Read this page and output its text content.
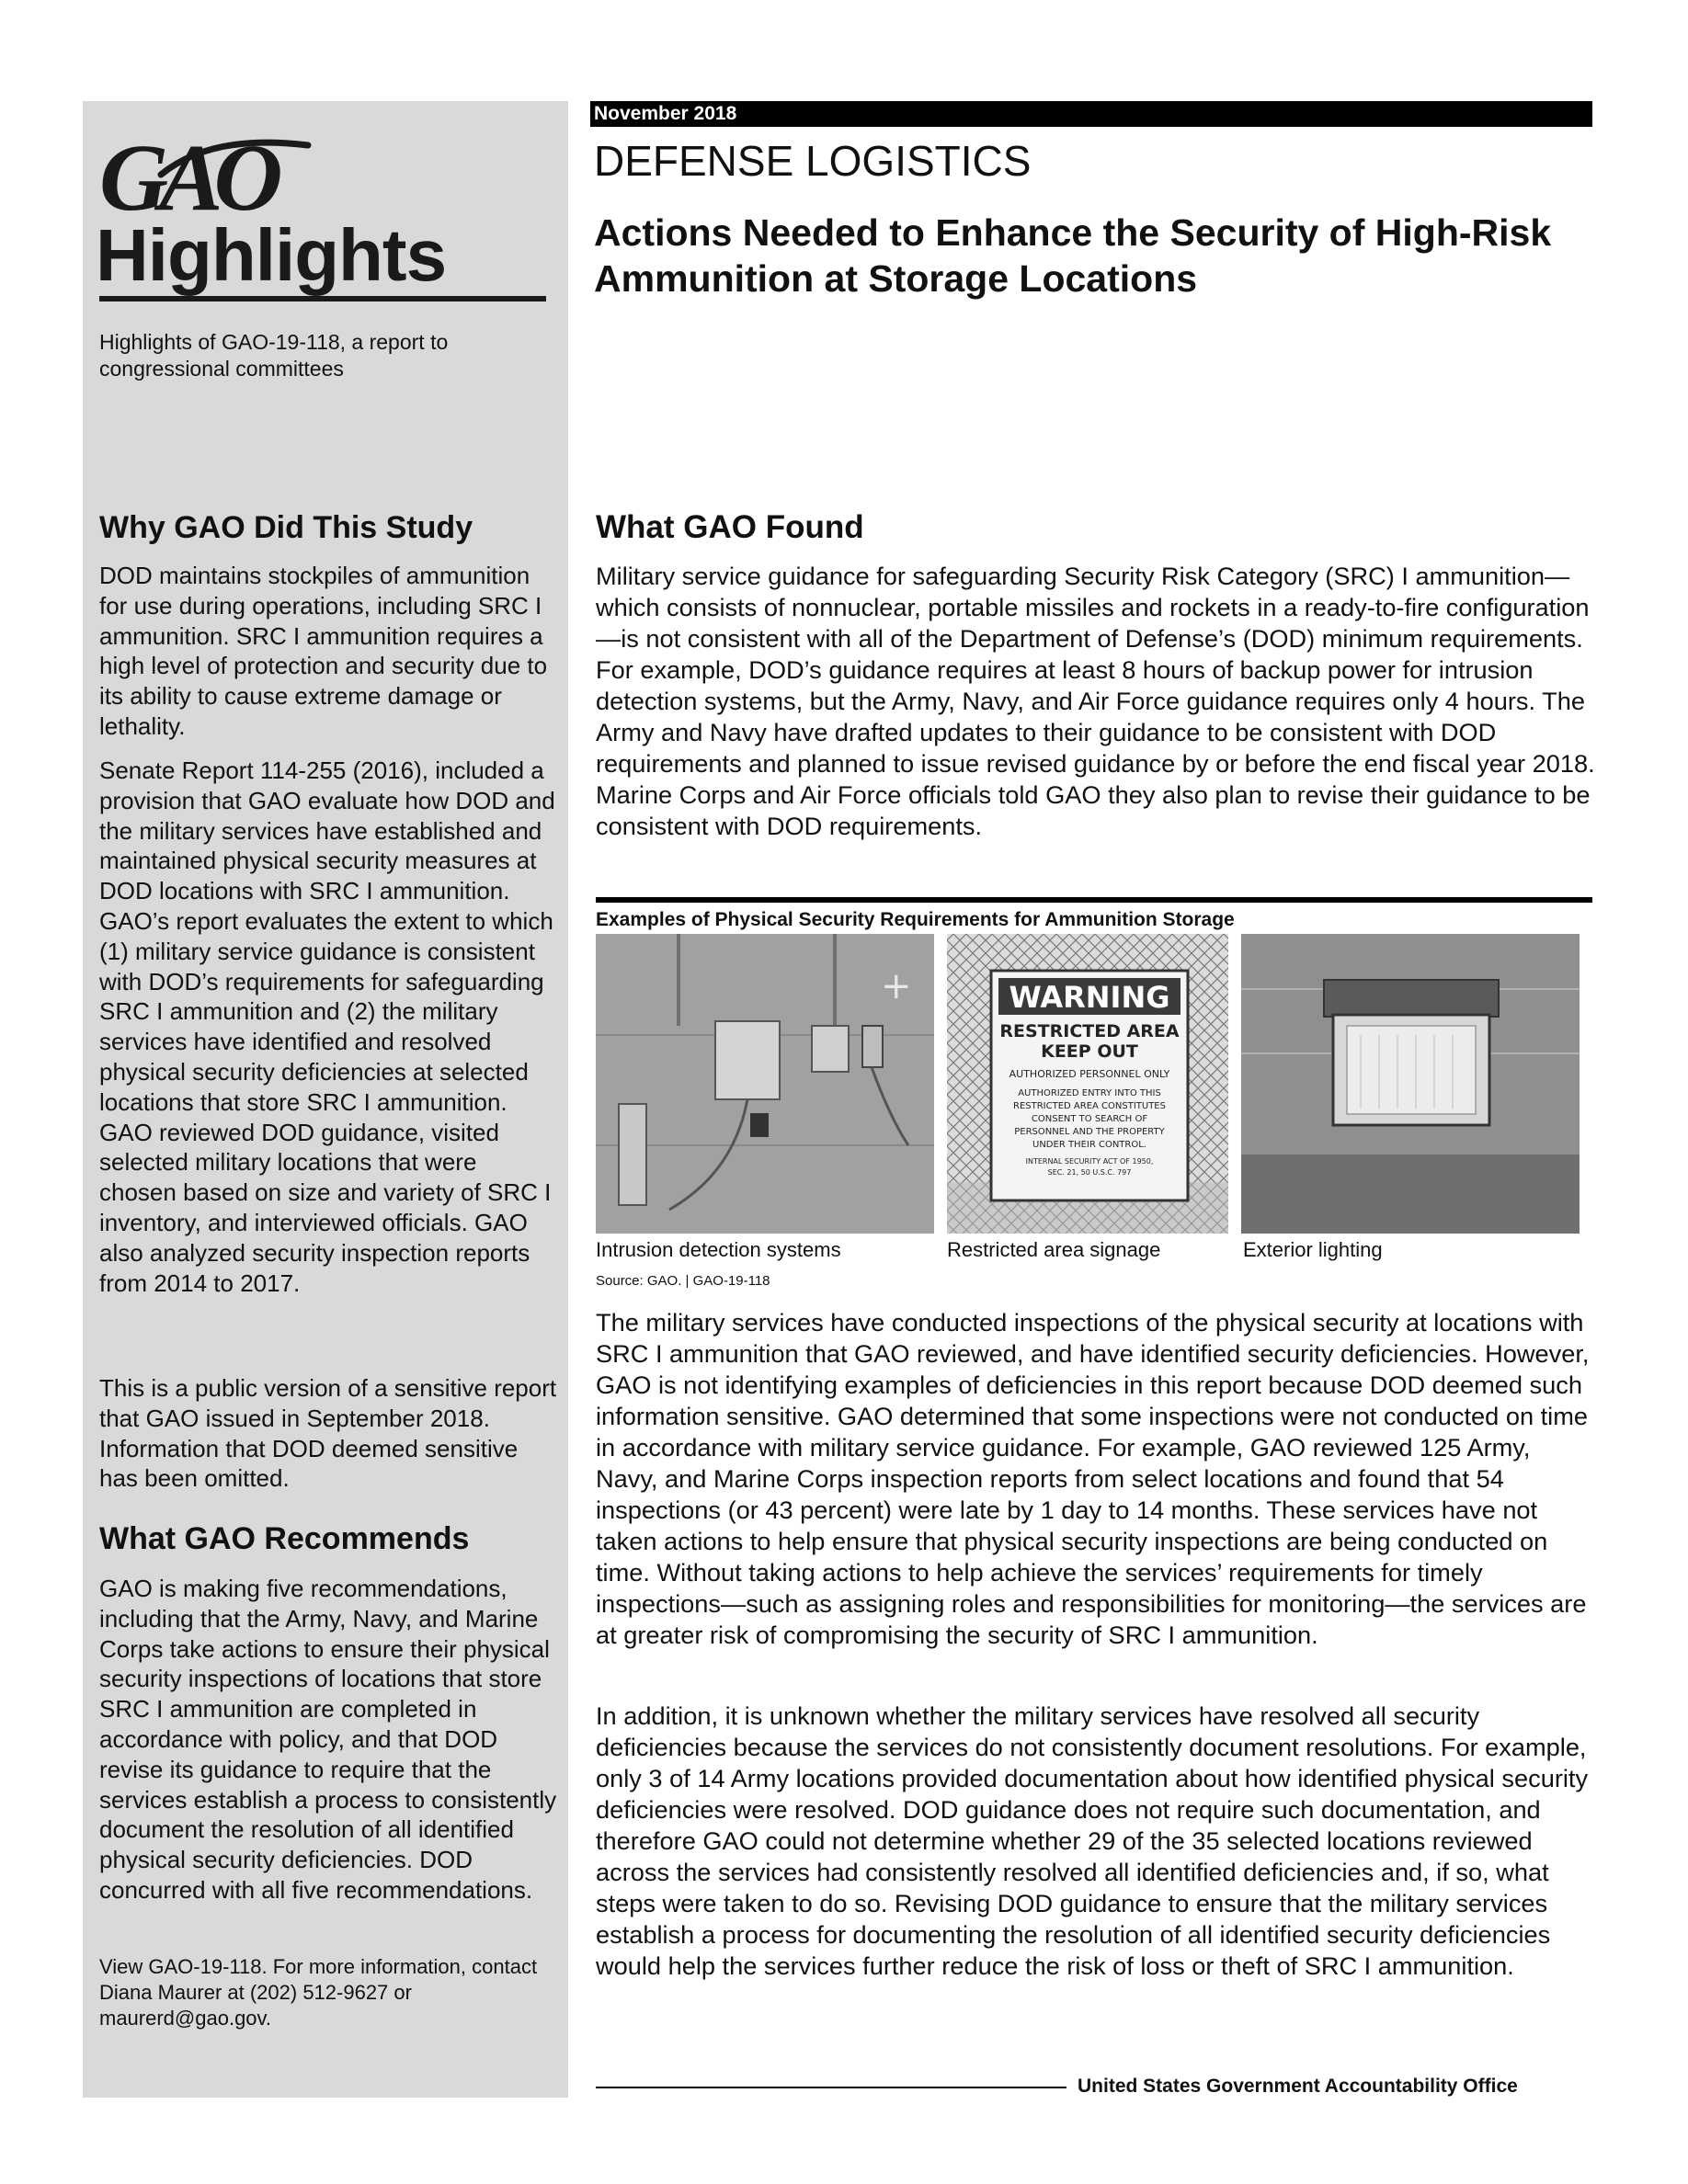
GAO
Highlights
Highlights of GAO-19-118, a report to congressional committees
Why GAO Did This Study
DOD maintains stockpiles of ammunition for use during operations, including SRC I ammunition. SRC I ammunition requires a high level of protection and security due to its ability to cause extreme damage or lethality.
Senate Report 114-255 (2016), included a provision that GAO evaluate how DOD and the military services have established and maintained physical security measures at DOD locations with SRC I ammunition. GAO’s report evaluates the extent to which (1) military service guidance is consistent with DOD’s requirements for safeguarding SRC I ammunition and (2) the military services have identified and resolved physical security deficiencies at selected locations that store SRC I ammunition. GAO reviewed DOD guidance, visited selected military locations that were chosen based on size and variety of SRC I inventory, and interviewed officials. GAO also analyzed security inspection reports from 2014 to 2017.
This is a public version of a sensitive report that GAO issued in September 2018. Information that DOD deemed sensitive has been omitted.
What GAO Recommends
GAO is making five recommendations, including that the Army, Navy, and Marine Corps take actions to ensure their physical security inspections of locations that store SRC I ammunition are completed in accordance with policy, and that DOD revise its guidance to require that the services establish a process to consistently document the resolution of all identified physical security deficiencies. DOD concurred with all five recommendations.
View GAO-19-118. For more information, contact Diana Maurer at (202) 512-9627 or maurerd@gao.gov.
November 2018
DEFENSE LOGISTICS
Actions Needed to Enhance the Security of High-Risk Ammunition at Storage Locations
What GAO Found
Military service guidance for safeguarding Security Risk Category (SRC) I ammunition—which consists of nonnuclear, portable missiles and rockets in a ready-to-fire configuration—is not consistent with all of the Department of Defense’s (DOD) minimum requirements. For example, DOD’s guidance requires at least 8 hours of backup power for intrusion detection systems, but the Army, Navy, and Air Force guidance requires only 4 hours. The Army and Navy have drafted updates to their guidance to be consistent with DOD requirements and planned to issue revised guidance by or before the end fiscal year 2018. Marine Corps and Air Force officials told GAO they also plan to revise their guidance to be consistent with DOD requirements.
Examples of Physical Security Requirements for Ammunition Storage
+	WARNING
RESTRICTED AREA
KEEP OUT
AUTHORIZED PERSONNEL ONLY
AUTHORIZED ENTRY INTO THIS
RESTRICTED AREA CONSTITUTES
CONSENT TO SEARCH OF
PERSONNEL AND THE PROPERTY
UNDER THEIR CONTROL.
INTERNAL SECURITY ACT OF 1950,
SEC. 21, 50 U.S.C. 797
Intrusion detection systems	Restricted area signage	Exterior lighting
Source: GAO. | GAO-19-118
The military services have conducted inspections of the physical security at locations with SRC I ammunition that GAO reviewed, and have identified security deficiencies. However, GAO is not identifying examples of deficiencies in this report because DOD deemed such information sensitive. GAO determined that some inspections were not conducted on time in accordance with military service guidance. For example, GAO reviewed 125 Army, Navy, and Marine Corps inspection reports from select locations and found that 54 inspections (or 43 percent) were late by 1 day to 14 months. These services have not taken actions to help ensure that physical security inspections are being conducted on time. Without taking actions to help achieve the services’ requirements for timely inspections—such as assigning roles and responsibilities for monitoring—the services are at greater risk of compromising the security of SRC I ammunition.
In addition, it is unknown whether the military services have resolved all security deficiencies because the services do not consistently document resolutions. For example, only 3 of 14 Army locations provided documentation about how identified physical security deficiencies were resolved. DOD guidance does not require such documentation, and therefore GAO could not determine whether 29 of the 35 selected locations reviewed across the services had consistently resolved all identified deficiencies and, if so, what steps were taken to do so. Revising DOD guidance to ensure that the military services establish a process for documenting the resolution of all identified security deficiencies would help the services further reduce the risk of loss or theft of SRC I ammunition.
United States Government Accountability Office
